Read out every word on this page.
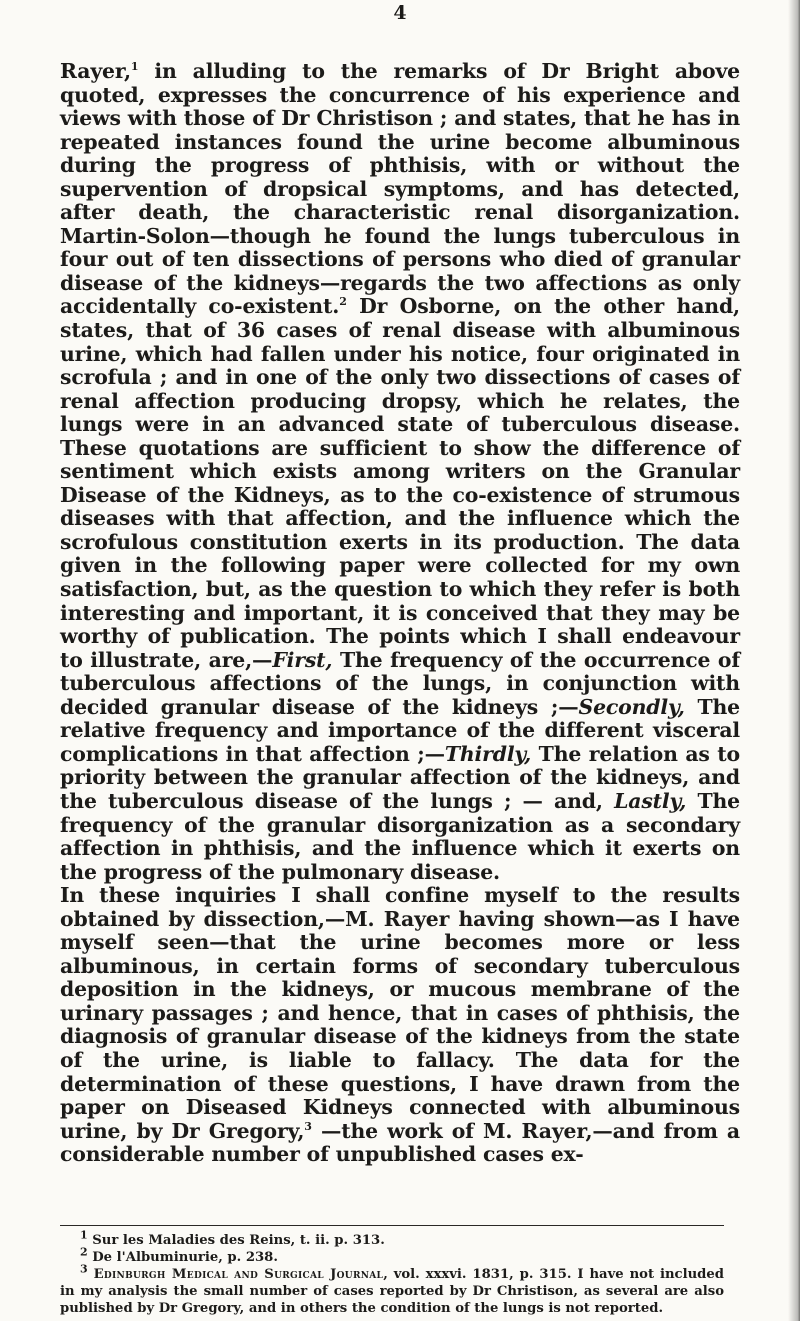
4

Rayer,$^1$ in alluding to the remarks of Dr Bright above quoted, expresses the concurrence of his experience and views with those of Dr Christison ; and states, that he has in repeated instances found the urine become albuminous during the progress of phthisis, with or without the supervention of dropsical symptoms, and has detected, after death, the characteristic renal disorganization. Martin-Solon—though he found the lungs tuberculous in four out of ten dissections of persons who died of granular disease of the kidneys—regards the two affections as only accidentally co-existent.$^2$ Dr Osborne, on the other hand, states, that of 36 cases of renal disease with albuminous urine, which had fallen under his notice, four originated in scrofula ; and in one of the only two dissections of cases of renal affection producing dropsy, which he relates, the lungs were in an advanced state of tuberculous disease. These quotations are sufficient to show the difference of sentiment which exists among writers on the Granular Disease of the Kidneys, as to the co-existence of strumous diseases with that affection, and the influence which the scrofulous constitution exerts in its production. The data given in the following paper were collected for my own satisfaction, but, as the question to which they refer is both interesting and important, it is conceived that they may be worthy of publication. The points which I shall endeavour to illustrate, are,—First, The frequency of the occurrence of tuberculous affections of the lungs, in conjunction with decided granular disease of the kidneys ;—Secondly, The relative frequency and importance of the different visceral complications in that affection ;—Thirdly, The relation as to priority between the granular affection of the kidneys, and the tuberculous disease of the lungs ; — and, Lastly, The frequency of the granular disorganization as a secondary affection in phthisis, and the influence which it exerts on the progress of the pulmonary disease.

In these inquiries I shall confine myself to the results obtained by dissection,—M. Rayer having shown—as I have myself seen—that the urine becomes more or less albuminous, in certain forms of secondary tuberculous deposition in the kidneys, or mucous membrane of the urinary passages ; and hence, that in cases of phthisis, the diagnosis of granular disease of the kidneys from the state of the urine, is liable to fallacy. The data for the determination of these questions, I have drawn from the paper on Diseased Kidneys connected with albuminous urine, by Dr Gregory,$^3$ —the work of M. Rayer,—and from a considerable number of unpublished cases ex-

$^1$ Sur les Maladies des Reins, t. ii. p. 313.

$^2$ De l'Albuminurie, p. 238.

$^3$ Edinburgh Medical and Surgical Journal, vol. xxxvi. 1831, p. 315. I have not included in my analysis the small number of cases reported by Dr Christison, as several are also published by Dr Gregory, and in others the condition of the lungs is not reported.
